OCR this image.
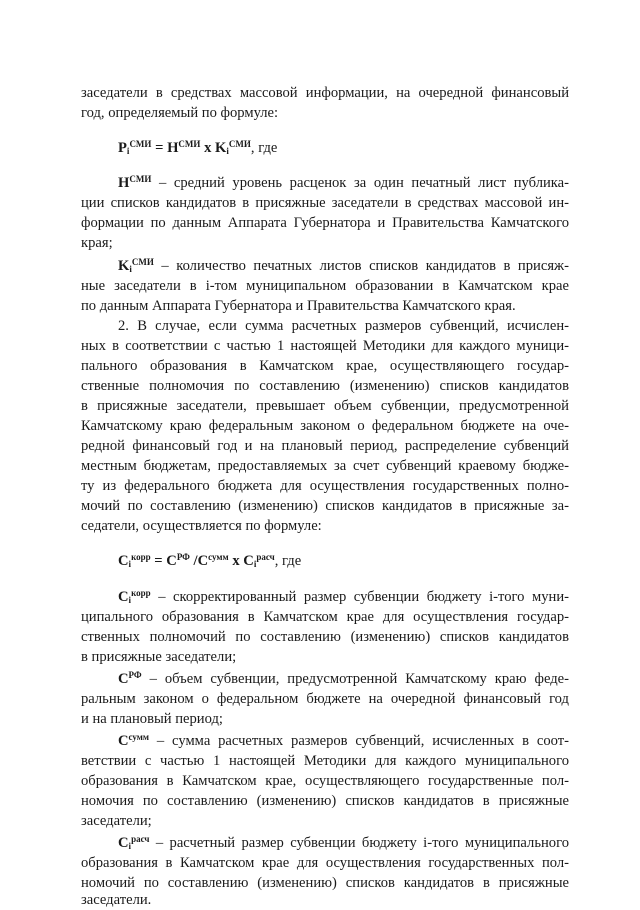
заседатели в средствах массовой информации, на очередной финансовый
год, определяемый по формуле:
$P_i^{СМИ} = H^{СМИ}$ x $K_i^{СМИ}$, где
$H^{СМИ}$ – средний уровень расценок за один печатный лист публика-
ции списков кандидатов в присяжные заседатели в средствах массовой ин-
формации по данным Аппарата Губернатора и Правительства Камчатского
края;
$K_i^{СМИ}$ – количество печатных листов списков кандидатов в присяж-
ные заседатели в i-том муниципальном образовании в Камчатском крае
по данным Аппарата Губернатора и Правительства Камчатского края.
2. В случае, если сумма расчетных размеров субвенций, исчислен-
ных в соответствии с частью 1 настоящей Методики для каждого муници-
пального образования в Камчатском крае, осуществляющего государ-
ственные полномочия по составлению (изменению) списков кандидатов
в присяжные заседатели, превышает объем субвенции, предусмотренной
Камчатскому краю федеральным законом о федеральном бюджете на оче-
редной финансовый год и на плановый период, распределение субвенций
местным бюджетам, предоставляемых за счет субвенций краевому бюдже-
ту из федерального бюджета для осуществления государственных полно-
мочий по составлению (изменению) списков кандидатов в присяжные за-
седатели, осуществляется по формуле:
$C_i^{корр} = C^{РФ}$ $/C^{сумм}$ x $C_i^{расч}$, где
$C_i^{корр}$ – скорректированный размер субвенции бюджету i-того муни-
ципального образования в Камчатском крае для осуществления государ-
ственных полномочий по составлению (изменению) списков кандидатов
в присяжные заседатели;
$C^{РФ}$ – объем субвенции, предусмотренной Камчатскому краю феде-
ральным законом о федеральном бюджете на очередной финансовый год
и на плановый период;
$C^{сумм}$ – сумма расчетных размеров субвенций, исчисленных в соот-
ветствии с частью 1 настоящей Методики для каждого муниципального
образования в Камчатском крае, осуществляющего государственные пол-
номочия по составлению (изменению) списков кандидатов в присяжные
заседатели;
$C_i^{расч}$ – расчетный размер субвенции бюджету i-того муниципального
образования в Камчатском крае для осуществления государственных пол-
номочий по составлению (изменению) списков кандидатов в присяжные
заседатели.
